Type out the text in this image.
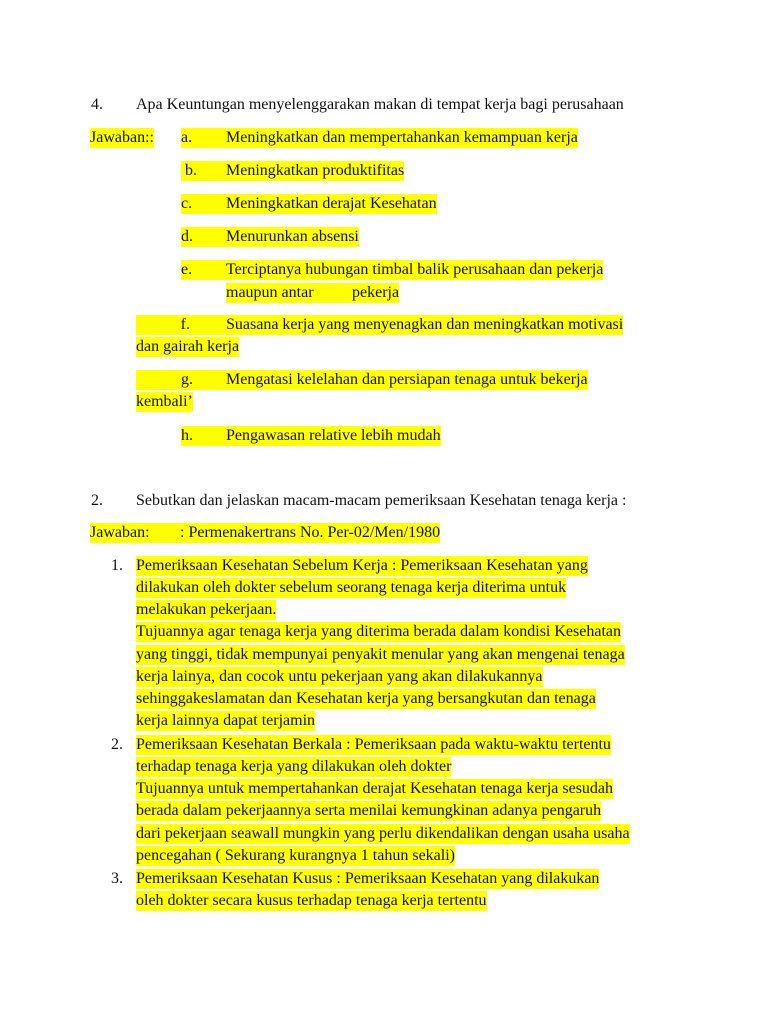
4. Apa Keuntungan menyelenggarakan makan di tempat kerja bagi perusahaan
Jawaban:: a.	Meningkatkan dan mempertahankan kemampuan kerja
b.	Meningkatkan produktifitas
c.	Meningkatkan derajat Kesehatan
d.	Menurunkan absensi
e.	Terciptanya hubungan timbal balik perusahaan dan pekerja
maupun antar	pekerja
f.	Suasana kerja yang menyenagkan dan meningkatkan motivasi
dan gairah kerja
g.	Mengatasi kelelahan dan persiapan tenaga untuk bekerja
kembali’
h.	Pengawasan relative lebih mudah
2. Sebutkan dan jelaskan macam-macam pemeriksaan Kesehatan tenaga kerja :
Jawaban:	: Permenakertrans No. Per-02/Men/1980
1. Pemeriksaan Kesehatan Sebelum Kerja : Pemeriksaan Kesehatan yang
dilakukan oleh dokter sebelum seorang tenaga kerja diterima untuk
melakukan pekerjaan.
Tujuannya agar tenaga kerja yang diterima berada dalam kondisi Kesehatan
yang tinggi, tidak mempunyai penyakit menular yang akan mengenai tenaga
kerja lainya, dan cocok untu pekerjaan yang akan dilakukannya
sehinggakeslamatan dan Kesehatan kerja yang bersangkutan dan tenaga
kerja lainnya dapat terjamin
2. Pemeriksaan Kesehatan Berkala : Pemeriksaan pada waktu-waktu tertentu
terhadap tenaga kerja yang dilakukan oleh dokter
Tujuannya untuk mempertahankan derajat Kesehatan tenaga kerja sesudah
berada dalam pekerjaannya serta menilai kemungkinan adanya pengaruh
dari pekerjaan seawall mungkin yang perlu dikendalikan dengan usaha usaha
pencegahan ( Sekurang kurangnya 1 tahun sekali)
3. Pemeriksaan Kesehatan Kusus : Pemeriksaan Kesehatan yang dilakukan
oleh dokter secara kusus terhadap tenaga kerja tertentu
